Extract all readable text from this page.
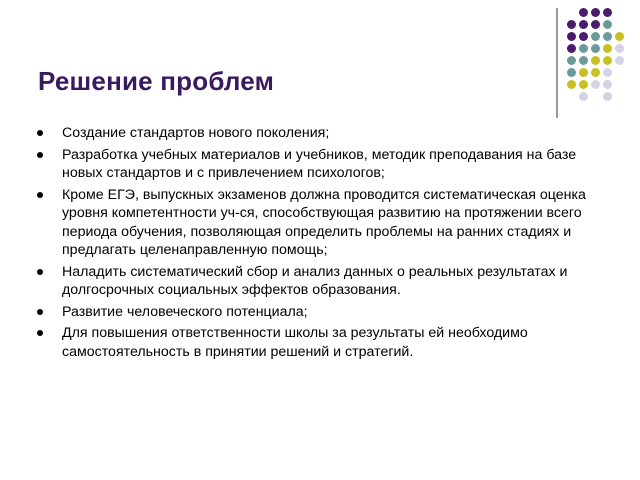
Решение проблем
Создание стандартов нового поколения;
Разработка учебных материалов и учебников, методик преподавания на базе новых стандартов и с привлечением психологов;
Кроме ЕГЭ, выпускных экзаменов должна проводится систематическая оценка уровня компетентности уч-ся, способствующая развитию на протяжении всего периода обучения, позволяющая определить проблемы на ранних стадиях и предлагать целенаправленную помощь;
Наладить систематический сбор и анализ данных о реальных результатах и долгосрочных социальных эффектов образования.
Развитие человеческого потенциала;
Для повышения ответственности школы за результаты ей необходимо самостоятельность в принятии решений и стратегий.
